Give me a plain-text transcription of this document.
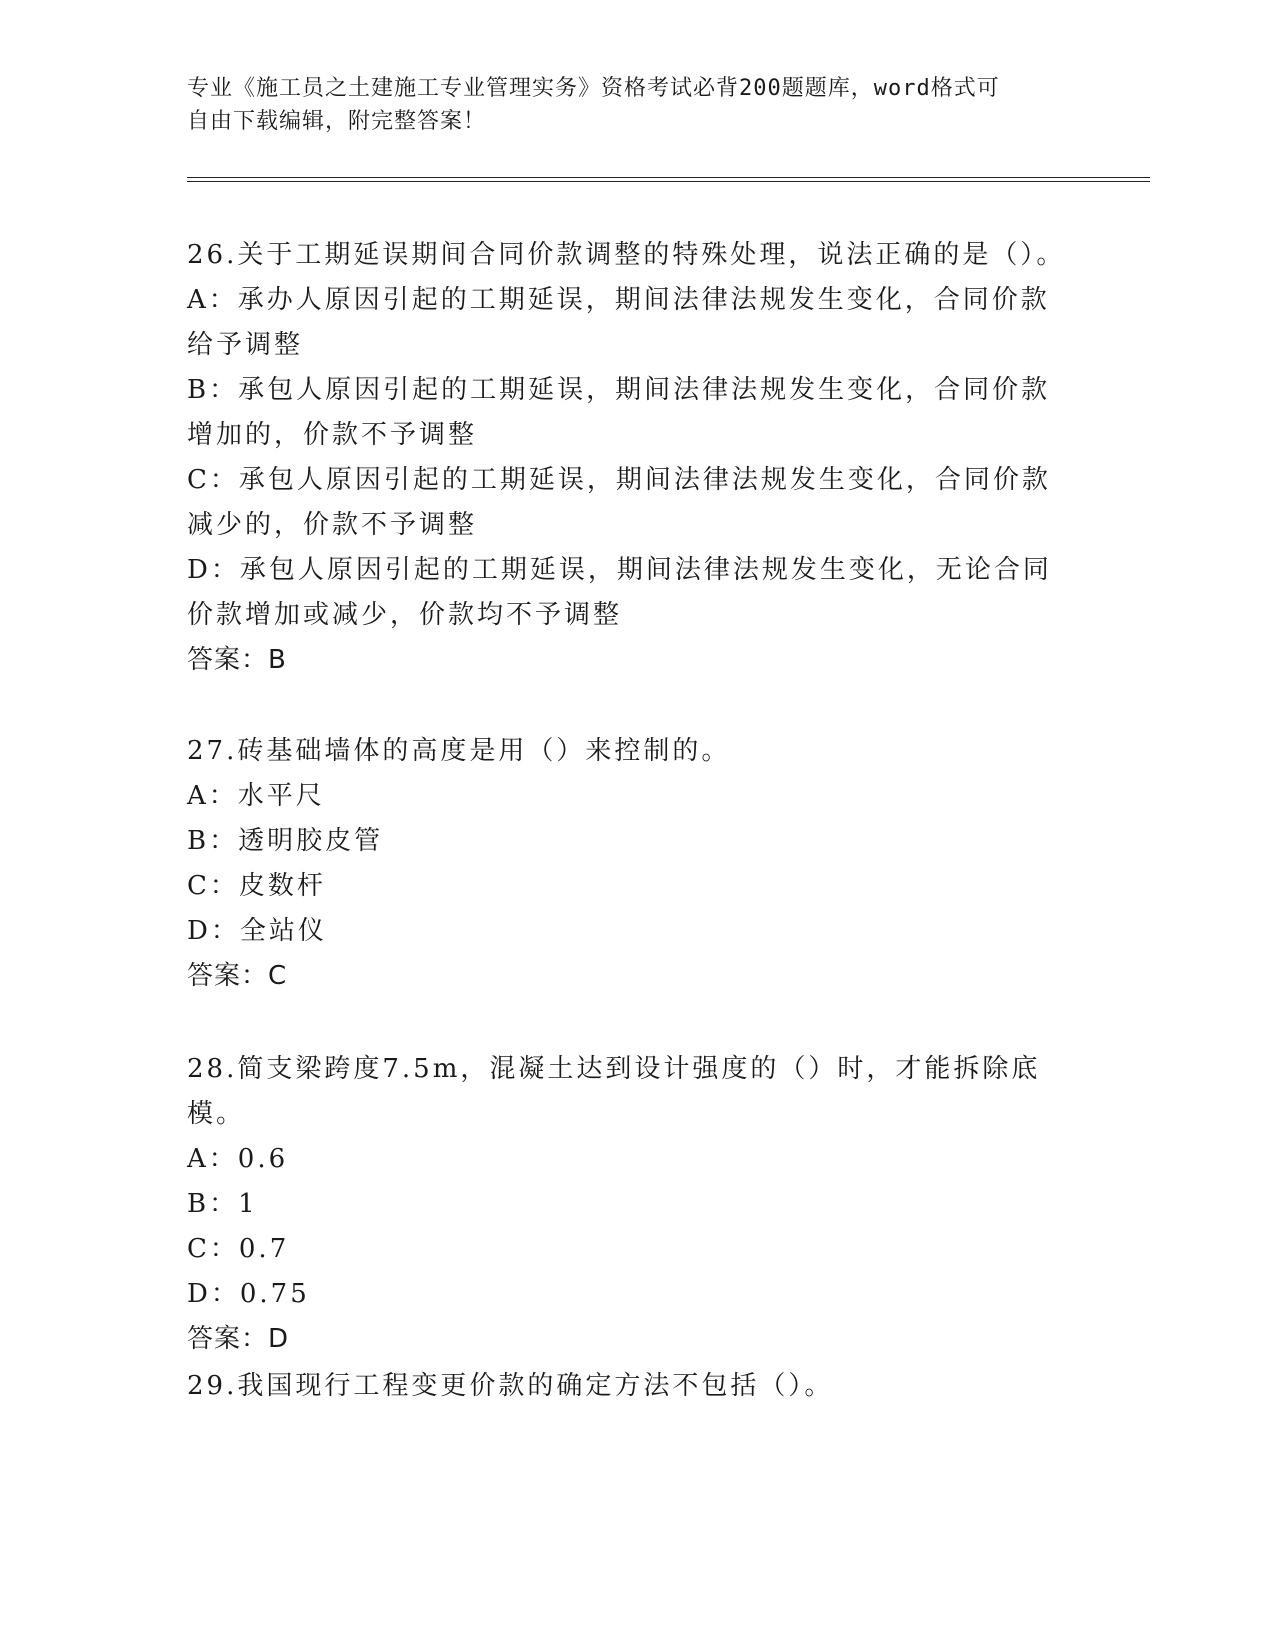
专业《施工员之土建施工专业管理实务》资格考试必背200题题库，word格式可
自由下载编辑，附完整答案！
26.关于工期延误期间合同价款调整的特殊处理，说法正确的是（）。
A：承办人原因引起的工期延误，期间法律法规发生变化，合同价款给予调整
B：承包人原因引起的工期延误，期间法律法规发生变化，合同价款增加的，价款不予调整
C：承包人原因引起的工期延误，期间法律法规发生变化，合同价款减少的，价款不予调整
D：承包人原因引起的工期延误，期间法律法规发生变化，无论合同价款增加或减少，价款均不予调整
答案：B
27.砖基础墙体的高度是用（）来控制的。
A：水平尺
B：透明胶皮管
C：皮数杆
D：全站仪
答案：C
28.简支梁跨度7.5m，混凝土达到设计强度的（）时，才能拆除底模。
A：0.6
B：1
C：0.7
D：0.75
答案：D
29.我国现行工程变更价款的确定方法不包括（）。
